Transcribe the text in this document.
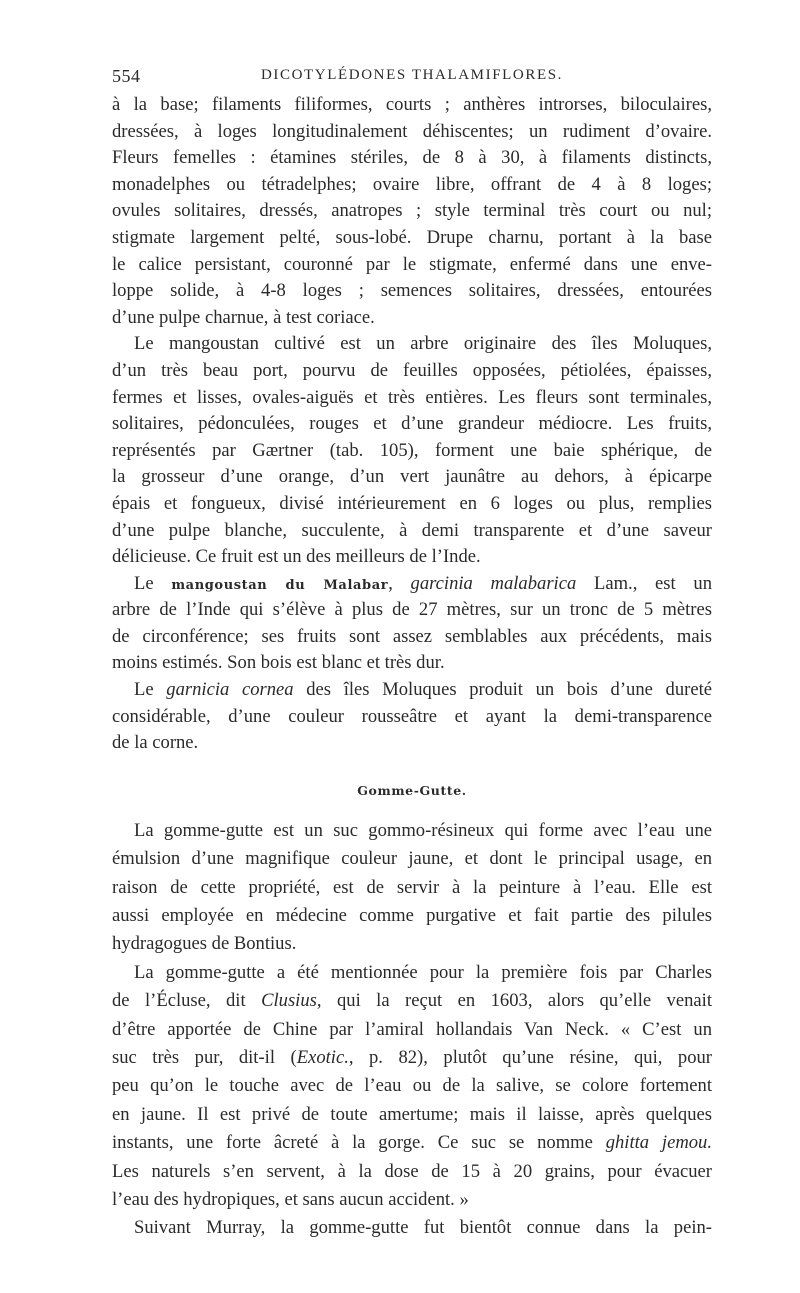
554	DICOTYLÉDONES THALAMIFLORES.
à la base; filaments filiformes, courts ; anthères introrses, biloculaires,
dressées, à loges longitudinalement déhiscentes; un rudiment d’ovaire.
Fleurs femelles : étamines stériles, de 8 à 30, à filaments distincts,
monadelphes ou tétradelphes; ovaire libre, offrant de 4 à 8 loges;
ovules solitaires, dressés, anatropes ; style terminal très court ou nul;
stigmate largement pelté, sous-lobé. Drupe charnu, portant à la base
le calice persistant, couronné par le stigmate, enfermé dans une enve-
loppe solide, à 4-8 loges ; semences solitaires, dressées, entourées
d’une pulpe charnue, à test coriace.
Le mangoustan cultivé est un arbre originaire des îles Moluques,
d’un très beau port, pourvu de feuilles opposées, pétiolées, épaisses,
fermes et lisses, ovales-aiguës et très entières. Les fleurs sont terminales,
solitaires, pédonculées, rouges et d’une grandeur médiocre. Les fruits,
représentés par Gærtner (tab. 105), forment une baie sphérique, de
la grosseur d’une orange, d’un vert jaunâtre au dehors, à épicarpe
épais et fongueux, divisé intérieurement en 6 loges ou plus, remplies
d’une pulpe blanche, succulente, à demi transparente et d’une saveur
délicieuse. Ce fruit est un des meilleurs de l’Inde.
Le mangoustan du Malabar, garcinia malabarica Lam., est un
arbre de l’Inde qui s’élève à plus de 27 mètres, sur un tronc de 5 mètres
de circonférence; ses fruits sont assez semblables aux précédents, mais
moins estimés. Son bois est blanc et très dur.
Le garnicia cornea des îles Moluques produit un bois d’une dureté
considérable, d’une couleur rousseâtre et ayant la demi-transparence
de la corne.
Gomme-Gutte.
La gomme-gutte est un suc gommo-résineux qui forme avec l’eau une
émulsion d’une magnifique couleur jaune, et dont le principal usage, en
raison de cette propriété, est de servir à la peinture à l’eau. Elle est
aussi employée en médecine comme purgative et fait partie des pilules
hydragogues de Bontius.
La gomme-gutte a été mentionnée pour la première fois par Charles
de l’Écluse, dit Clusius, qui la reçut en 1603, alors qu’elle venait
d’être apportée de Chine par l’amiral hollandais Van Neck. « C’est un
suc très pur, dit-il (Exotic., p. 82), plutôt qu’une résine, qui, pour
peu qu’on le touche avec de l’eau ou de la salive, se colore fortement
en jaune. Il est privé de toute amertume; mais il laisse, après quelques
instants, une forte âcreté à la gorge. Ce suc se nomme ghitta jemou.
Les naturels s’en servent, à la dose de 15 à 20 grains, pour évacuer
l’eau des hydropiques, et sans aucun accident. »
Suivant Murray, la gomme-gutte fut bientôt connue dans la pein-
